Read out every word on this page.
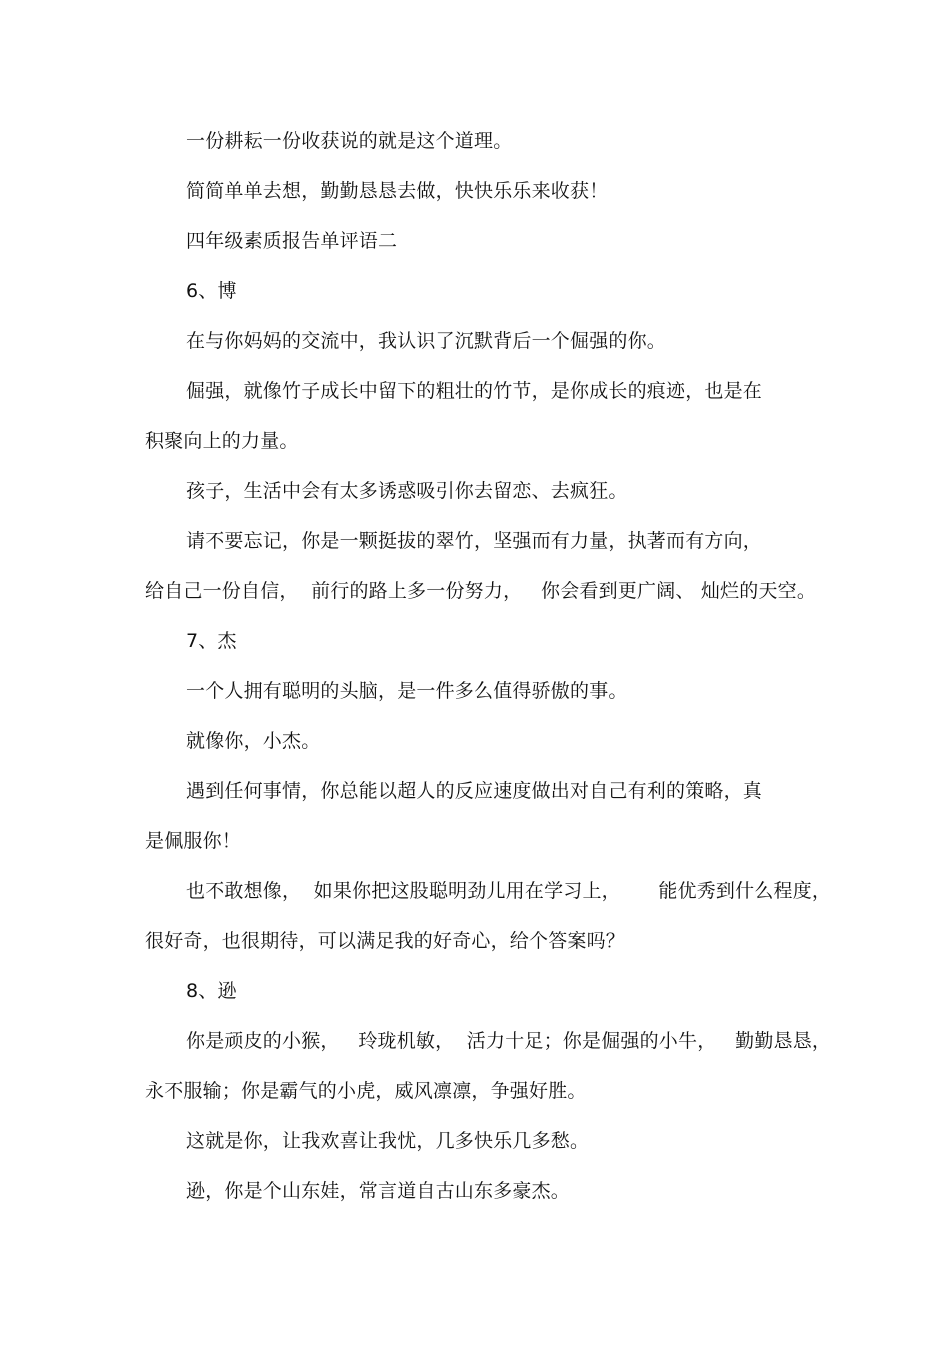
一份耕耘一份收获说的就是这个道理。
简简单单去想，勤勤恳恳去做，快快乐乐来收获！
四年级素质报告单评语二
6、博
在与你妈妈的交流中，我认识了沉默背后一个倔强的你。
倔强，就像竹子成长中留下的粗壮的竹节，是你成长的痕迹，也是在
积聚向上的力量。
孩子，生活中会有太多诱惑吸引你去留恋、去疯狂。
请不要忘记，你是一颗挺拔的翠竹，坚强而有力量，执著而有方向，
给自己一份自信，  前行的路上多一份努力，   你会看到更广阔、 灿烂的天空。
7、杰
一个人拥有聪明的头脑，是一件多么值得骄傲的事。
就像你，小杰。
遇到任何事情，你总能以超人的反应速度做出对自己有利的策略，真
是佩服你！
也不敢想像，  如果你把这股聪明劲儿用在学习上，      能优秀到什么程度，
很好奇，也很期待，可以满足我的好奇心，给个答案吗？
8、逊
你是顽皮的小猴，   玲珑机敏，  活力十足；你是倔强的小牛，   勤勤恳恳，
永不服输；你是霸气的小虎，威风凛凛，争强好胜。
这就是你，让我欢喜让我忧，几多快乐几多愁。
逊，你是个山东娃，常言道自古山东多豪杰。
